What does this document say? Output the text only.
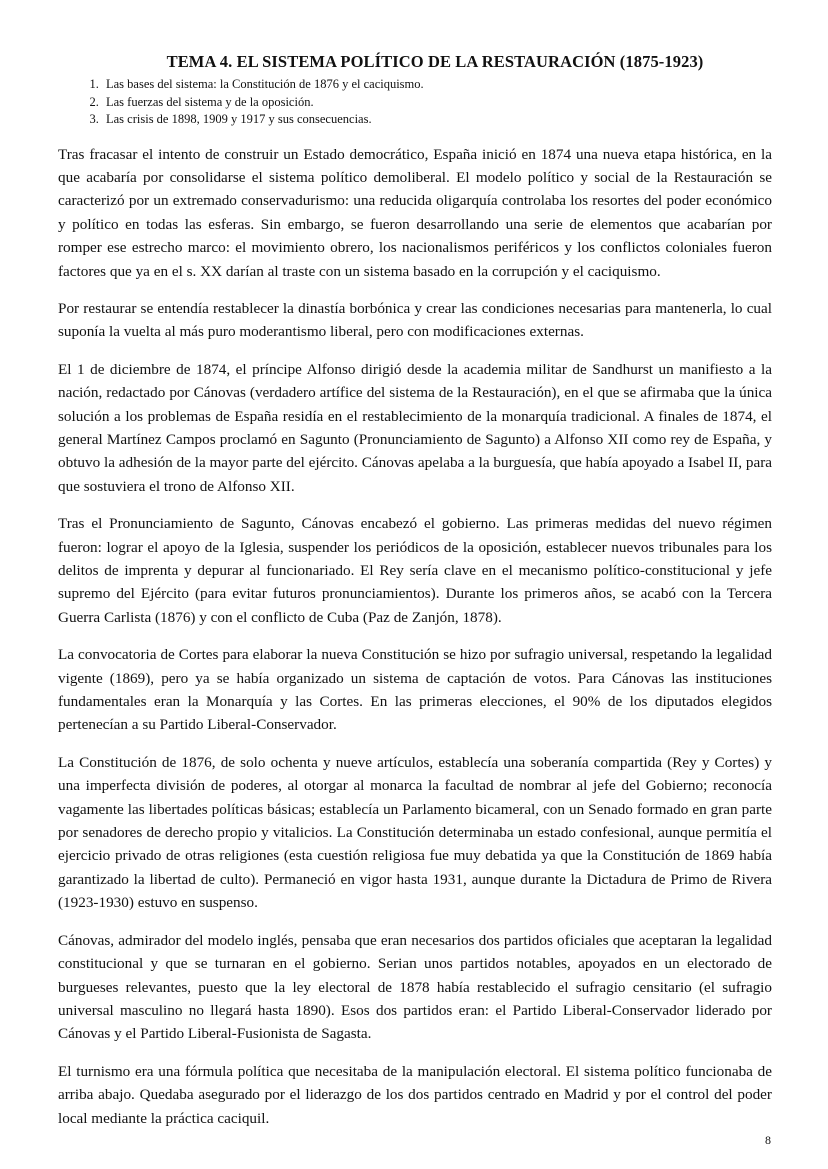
TEMA 4. EL SISTEMA POLÍTICO DE LA RESTAURACIÓN (1875-1923)
1. Las bases del sistema: la Constitución de 1876 y el caciquismo.
2. Las fuerzas del sistema y de la oposición.
3. Las crisis de 1898, 1909 y 1917 y sus consecuencias.

Tras fracasar el intento de construir un Estado democrático, España inició en 1874 una nueva etapa histórica, en la que acabaría por consolidarse el sistema político demoliberal. El modelo político y social de la Restauración se caracterizó por un extremado conservadurismo: una reducida oligarquía controlaba los resortes del poder económico y político en todas las esferas. Sin embargo, se fueron desarrollando una serie de elementos que acabarían por romper ese estrecho marco: el movimiento obrero, los nacionalismos periféricos y los conflictos coloniales fueron factores que ya en el s. XX darían al traste con un sistema basado en la corrupción y el caciquismo.

Por restaurar se entendía restablecer la dinastía borbónica y crear las condiciones necesarias para mantenerla, lo cual suponía la vuelta al más puro moderantismo liberal, pero con modificaciones externas.

El 1 de diciembre de 1874, el príncipe Alfonso dirigió desde la academia militar de Sandhurst un manifiesto a la nación, redactado por Cánovas (verdadero artífice del sistema de la Restauración), en el que se afirmaba que la única solución a los problemas de España residía en el restablecimiento de la monarquía tradicional. A finales de 1874, el general Martínez Campos proclamó en Sagunto (Pronunciamiento de Sagunto) a Alfonso XII como rey de España, y obtuvo la adhesión de la mayor parte del ejército. Cánovas apelaba a la burguesía, que había apoyado a Isabel II, para que sostuviera el trono de Alfonso XII.

Tras el Pronunciamiento de Sagunto, Cánovas encabezó el gobierno. Las primeras medidas del nuevo régimen fueron: lograr el apoyo de la Iglesia, suspender los periódicos de la oposición, establecer nuevos tribunales para los delitos de imprenta y depurar al funcionariado. El Rey sería clave en el mecanismo político-constitucional y jefe supremo del Ejército (para evitar futuros pronunciamientos). Durante los primeros años, se acabó con la Tercera Guerra Carlista (1876) y con el conflicto de Cuba (Paz de Zanjón, 1878).

La convocatoria de Cortes para elaborar la nueva Constitución se hizo por sufragio universal, respetando la legalidad vigente (1869), pero ya se había organizado un sistema de captación de votos. Para Cánovas las instituciones fundamentales eran la Monarquía y las Cortes. En las primeras elecciones, el 90% de los diputados elegidos pertenecían a su Partido Liberal-Conservador.

La Constitución de 1876, de solo ochenta y nueve artículos, establecía una soberanía compartida (Rey y Cortes) y una imperfecta división de poderes, al otorgar al monarca la facultad de nombrar al jefe del Gobierno; reconocía vagamente las libertades políticas básicas; establecía un Parlamento bicameral, con un Senado formado en gran parte por senadores de derecho propio y vitalicios. La Constitución determinaba un estado confesional, aunque permitía el ejercicio privado de otras religiones (esta cuestión religiosa fue muy debatida ya que la Constitución de 1869 había garantizado la libertad de culto). Permaneció en vigor hasta 1931, aunque durante la Dictadura de Primo de Rivera (1923-1930) estuvo en suspenso.

Cánovas, admirador del modelo inglés, pensaba que eran necesarios dos partidos oficiales que aceptaran la legalidad constitucional y que se turnaran en el gobierno. Serian unos partidos notables, apoyados en un electorado de burgueses relevantes, puesto que la ley electoral de 1878 había restablecido el sufragio censitario (el sufragio universal masculino no llegará hasta 1890). Esos dos partidos eran: el Partido Liberal-Conservador liderado por Cánovas y el Partido Liberal-Fusionista de Sagasta.

El turnismo era una fórmula política que necesitaba de la manipulación electoral. El sistema político funcionaba de arriba abajo. Quedaba asegurado por el liderazgo de los dos partidos centrado en Madrid y por el control del poder local mediante la práctica caciquil.

8
